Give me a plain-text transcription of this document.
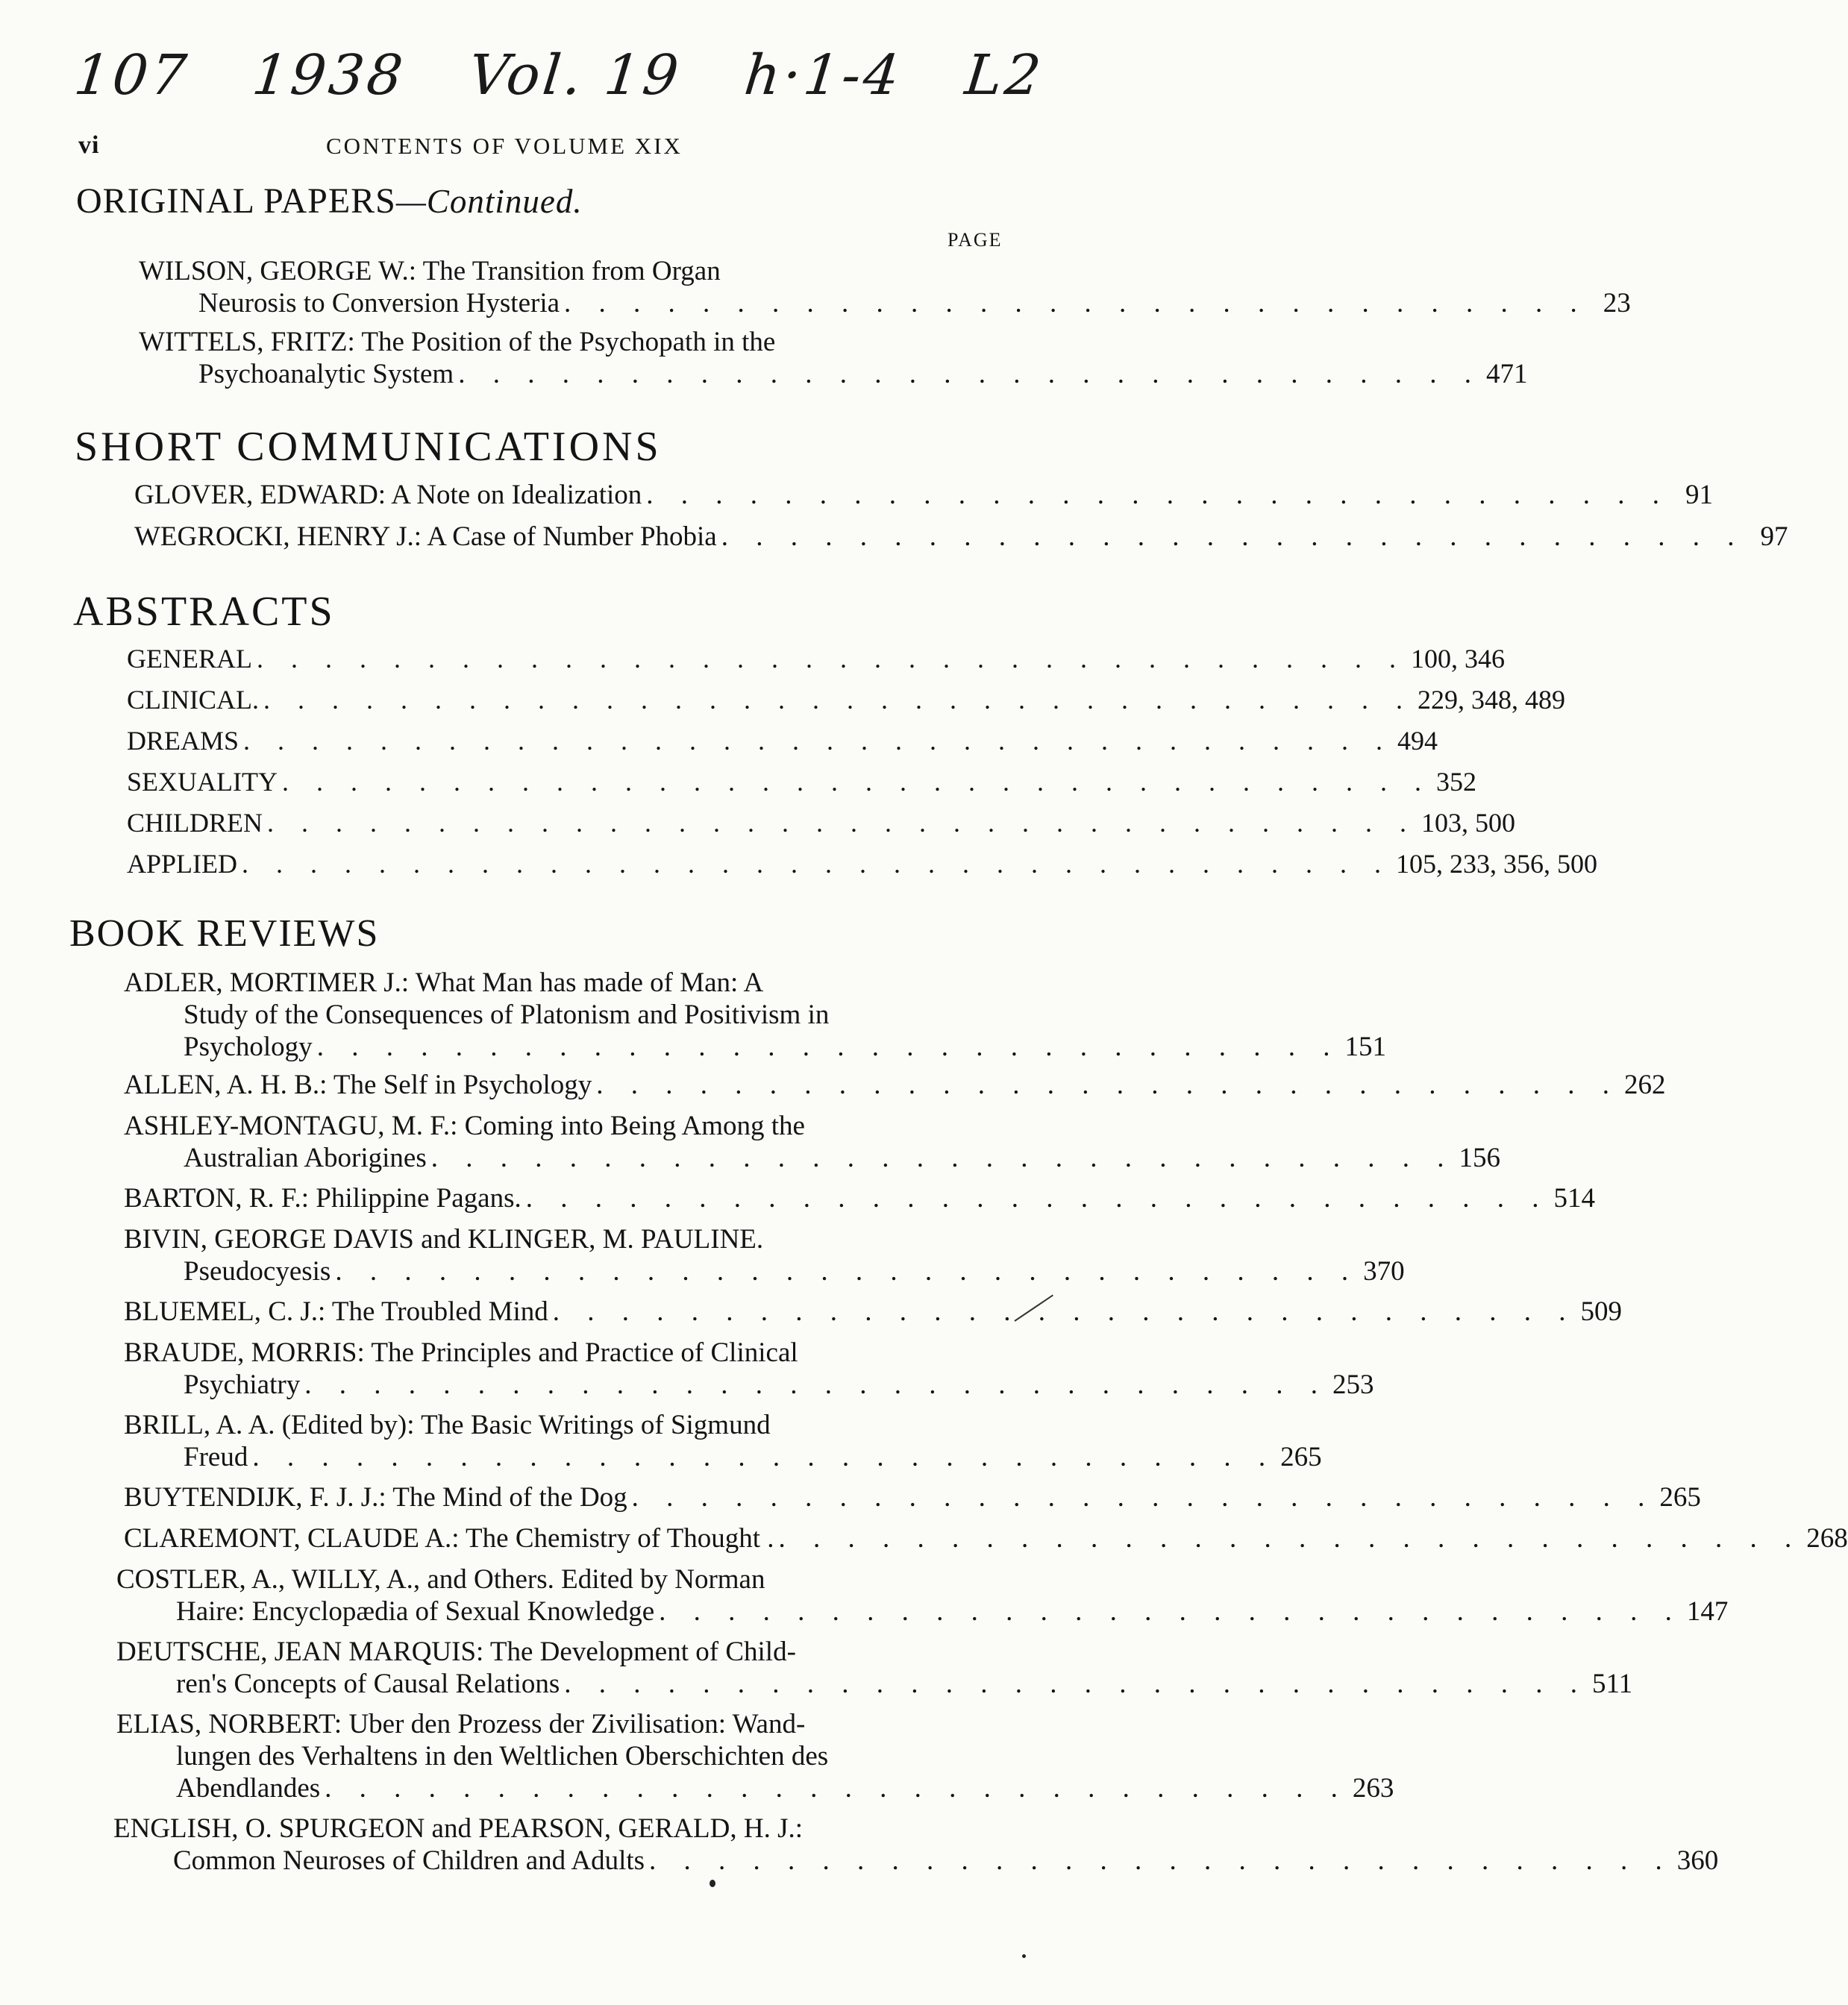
107 1938 Vol. 19 h·1-4 L2
vi	CONTENTS OF VOLUME XIX
ORIGINAL PAPERS—Continued.
PAGE
WILSON, GEORGE W.: The Transition from Organ
Neurosis to Conversion Hysteria . . . . . . . . . . . . . . . . . . . . . . . . . . . . . . 23
WITTELS, FRITZ: The Position of the Psychopath in the
Psychoanalytic System . . . . . . . . . . . . . . . . . . . . . . . . . . . . . . 471
SHORT COMMUNICATIONS
GLOVER, EDWARD: A Note on Idealization . . . . . . . . . . . . . . . . . . . . . . . . . . . . . . 91
WEGROCKI, HENRY J.: A Case of Number Phobia . . . . . . . . . . . . . . . . . . . . . . . . . . . . . . 97
ABSTRACTS
GENERAL . . . . . . . . . . . . . . . . . . . . . . . . . . . . . . . . . . 100, 346
CLINICAL. . . . . . . . . . . . . . . . . . . . . . . . . . . . . . . . . . . 229, 348, 489
DREAMS . . . . . . . . . . . . . . . . . . . . . . . . . . . . . . . . . . 494
SEXUALITY . . . . . . . . . . . . . . . . . . . . . . . . . . . . . . . . . . 352
CHILDREN . . . . . . . . . . . . . . . . . . . . . . . . . . . . . . . . . . 103, 500
APPLIED . . . . . . . . . . . . . . . . . . . . . . . . . . . . . . . . . . 105, 233, 356, 500
BOOK REVIEWS
ADLER, MORTIMER J.: What Man has made of Man: A
Study of the Consequences of Platonism and Positivism in
Psychology . . . . . . . . . . . . . . . . . . . . . . . . . . . . . . 151
ALLEN, A. H. B.: The Self in Psychology . . . . . . . . . . . . . . . . . . . . . . . . . . . . . . 262
ASHLEY-MONTAGU, M. F.: Coming into Being Among the
Australian Aborigines . . . . . . . . . . . . . . . . . . . . . . . . . . . . . . 156
BARTON, R. F.: Philippine Pagans. . . . . . . . . . . . . . . . . . . . . . . . . . . . . . . 514
BIVIN, GEORGE DAVIS and KLINGER, M. PAULINE.
Pseudocyesis . . . . . . . . . . . . . . . . . . . . . . . . . . . . . . 370
BLUEMEL, C. J.: The Troubled Mind . . . . . . . . . . . . . . . . . . . . . . . . . . . . . . 509
BRAUDE, MORRIS: The Principles and Practice of Clinical
Psychiatry . . . . . . . . . . . . . . . . . . . . . . . . . . . . . . 253
BRILL, A. A. (Edited by): The Basic Writings of Sigmund
Freud . . . . . . . . . . . . . . . . . . . . . . . . . . . . . . 265
BUYTENDIJK, F. J. J.: The Mind of the Dog . . . . . . . . . . . . . . . . . . . . . . . . . . . . . . 265
CLAREMONT, CLAUDE A.: The Chemistry of Thought . . . . . . . . . . . . . . . . . . . . . . . . . . . . . . . 268
COSTLER, A., WILLY, A., and Others. Edited by Norman
Haire: Encyclopædia of Sexual Knowledge . . . . . . . . . . . . . . . . . . . . . . . . . . . . . . 147
DEUTSCHE, JEAN MARQUIS: The Development of Child-
ren's Concepts of Causal Relations . . . . . . . . . . . . . . . . . . . . . . . . . . . . . . 511
ELIAS, NORBERT: Uber den Prozess der Zivilisation: Wand-
lungen des Verhaltens in den Weltlichen Oberschichten des
Abendlandes . . . . . . . . . . . . . . . . . . . . . . . . . . . . . . 263
ENGLISH, O. SPURGEON and PEARSON, GERALD, H. J.:
Common Neuroses of Children and Adults . . . . . . . . . . . . . . . . . . . . . . . . . . . . . . 360
